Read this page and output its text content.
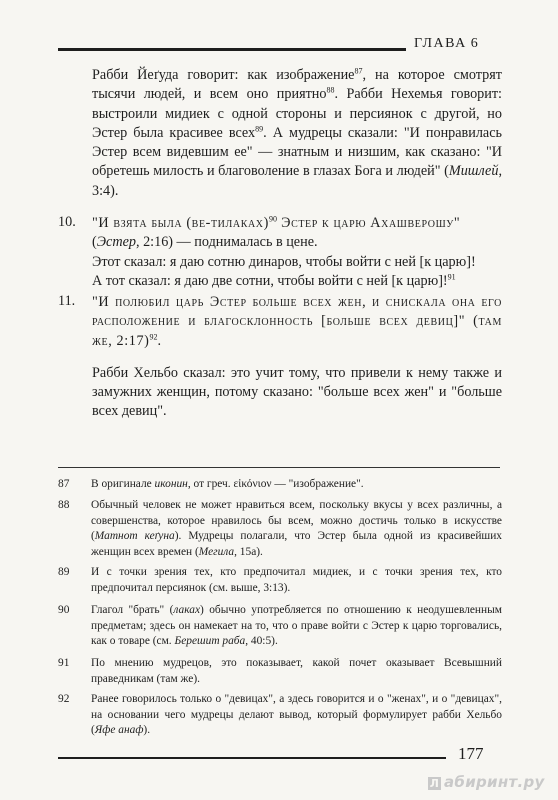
ГЛАВА 6

Рабби Йеґуда говорит: как изображение$^{87}$, на которое смотрят тысячи людей, и всем оно приятно$^{88}$. Рабби Нехемья говорит: выстроили мидиек с одной стороны и персиянок с другой, но Эстер была красивее всех$^{89}$. А мудрецы сказали: "И понравилась Эстер всем видевшим ее" — знатным и низшим, как сказано: "И обретешь милость и благоволение в глазах Бога и людей" (Мишлей, 3:4).

10. "И взята была (ве-тилаках)$^{90}$ Эстер к царю Ахашверошу"
(Эстер, 2:16) — поднималась в цене.

Этот сказал: я даю сотню динаров, чтобы войти с ней [к царю]!

А тот сказал: я даю две сотни, чтобы войти с ней [к царю]!$^{91}$

11. "И полюбил царь Эстер больше всех жен, и снискала она его расположение и благосклонность [больше всех девиц]" (там же, 2:17)$^{92}$.

Рабби Хельбо сказал: это учит тому, что привели к нему также и замужних женщин, потому сказано: "больше всех жен" и "больше всех девиц".

87 В оригинале иконин, от греч. εἰκόνιον — "изображение".
88 Обычный человек не может нравиться всем, поскольку вкусы у всех различны, а совершенства, которое нравилось бы всем, можно достичь только в искусстве (Матнот кеґуна). Мудрецы полагали, что Эстер была одной из красивейших женщин всех времен (Мегила, 15а).
89 И с точки зрения тех, кто предпочитал мидиек, и с точки зрения тех, кто предпочитал персиянок (см. выше, 3:13).
90 Глагол "брать" (лаках) обычно употребляется по отношению к неодушевленным предметам; здесь он намекает на то, что о праве войти с Эстер к царю торговались, как о товаре (см. Берешит раба, 40:5).
91 По мнению мудрецов, это показывает, какой почет оказывает Всевышний праведникам (там же).
92 Ранее говорилось только о "девицах", а здесь говорится и о "женах", и о "девицах", на основании чего мудрецы делают вывод, который формулирует рабби Хельбо (Яфе анаф).
177
Л абиринт.ру
